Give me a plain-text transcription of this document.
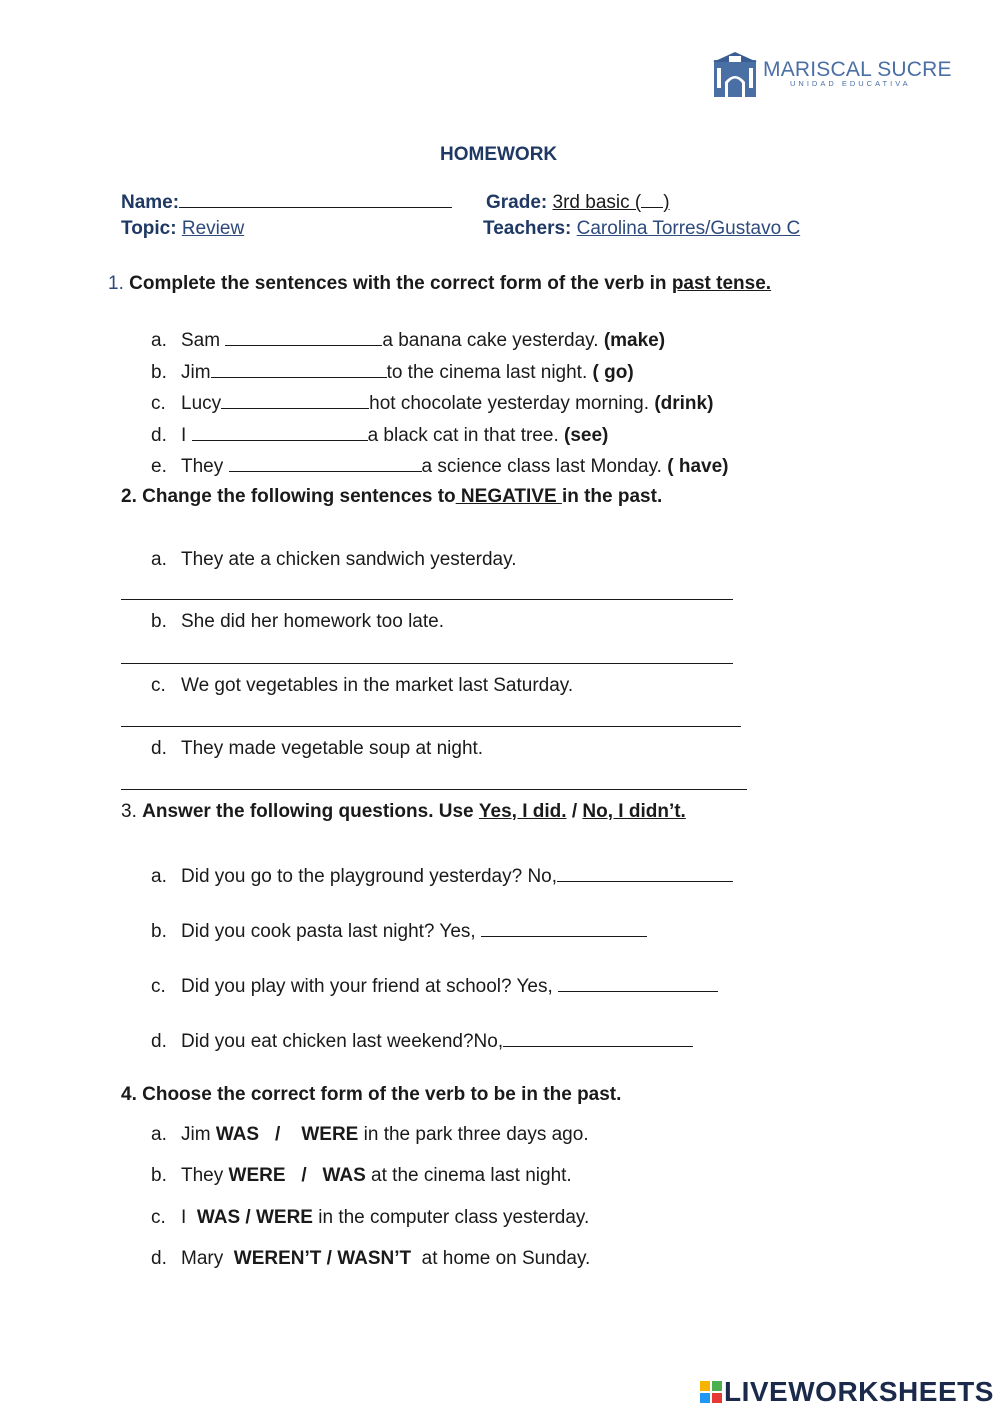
MARISCAL SUCRE
UNIDAD EDUCATIVA
HOMEWORK
Name:	Grade: 3rd basic ( )
Topic: Review	Teachers: Carolina Torres/Gustavo C
1. Complete the sentences with the correct form of the verb in past tense.
a. Sam	a banana cake yesterday. (make)
b. Jim	to the cinema last night. ( go)
c. Lucy	hot chocolate yesterday morning. (drink)
d. I	a black cat in that tree. (see)
e. They	a science class last Monday. ( have)
2. Change the following sentences to NEGATIVE in the past.
a. They ate a chicken sandwich yesterday.
b. She did her homework too late.
c. We got vegetables in the market last Saturday.
d. They made vegetable soup at night.
3. Answer the following questions. Use Yes, I did. / No, I didn’t.
a. Did you go to the playground yesterday? No,
b. Did you cook pasta last night? Yes,
c. Did you play with your friend at school? Yes,
d. Did you eat chicken last weekend?No,
4. Choose the correct form of the verb to be in the past.
a. Jim WAS   /    WERE in the park three days ago.
b. They WERE   /   WAS at the cinema last night.
c. I  WAS / WERE in the computer class yesterday.
d. Mary  WEREN’T / WASN’T  at home on Sunday.
LIVEWORKSHEETS
